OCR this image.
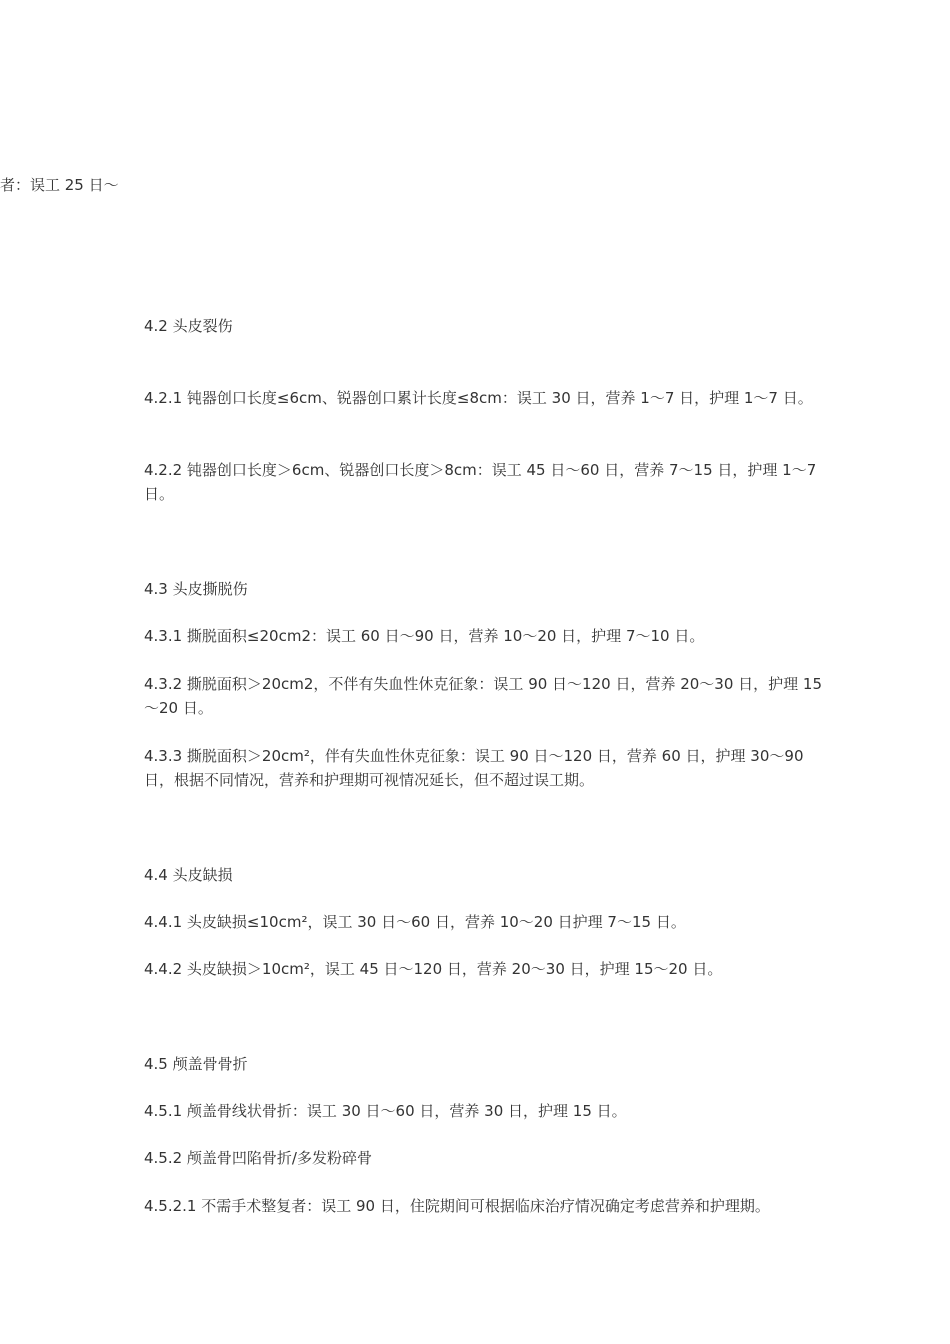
者：误工 25 日～

4.2 头皮裂伤

4.2.1 钝器创口长度≤6cm、锐器创口累计长度≤8cm：误工 30 日，营养 1～7 日，护理 1～7 日。

4.2.2 钝器创口长度＞6cm、锐器创口长度＞8cm：误工 45 日～60 日，营养 7～15 日，护理 1～7 日。

4.3 头皮撕脱伤

4.3.1 撕脱面积≤20cm2：误工 60 日～90 日，营养 10～20 日，护理 7～10 日。

4.3.2 撕脱面积＞20cm2，不伴有失血性休克征象：误工 90 日～120 日，营养 20～30 日，护理 15～20 日。

4.3.3 撕脱面积＞20cm²，伴有失血性休克征象：误工 90 日～120 日，营养 60 日，护理 30～90 日，根据不同情况，营养和护理期可视情况延长，但不超过误工期。

4.4 头皮缺损

4.4.1 头皮缺损≤10cm²，误工 30 日～60 日，营养 10～20 日护理 7～15 日。

4.4.2 头皮缺损＞10cm²，误工 45 日～120 日，营养 20～30 日，护理 15～20 日。

4.5 颅盖骨骨折

4.5.1 颅盖骨线状骨折：误工 30 日～60 日，营养 30 日，护理 15 日。

4.5.2 颅盖骨凹陷骨折/多发粉碎骨

4.5.2.1 不需手术整复者：误工 90 日，住院期间可根据临床治疗情况确定考虑营养和护理期。
